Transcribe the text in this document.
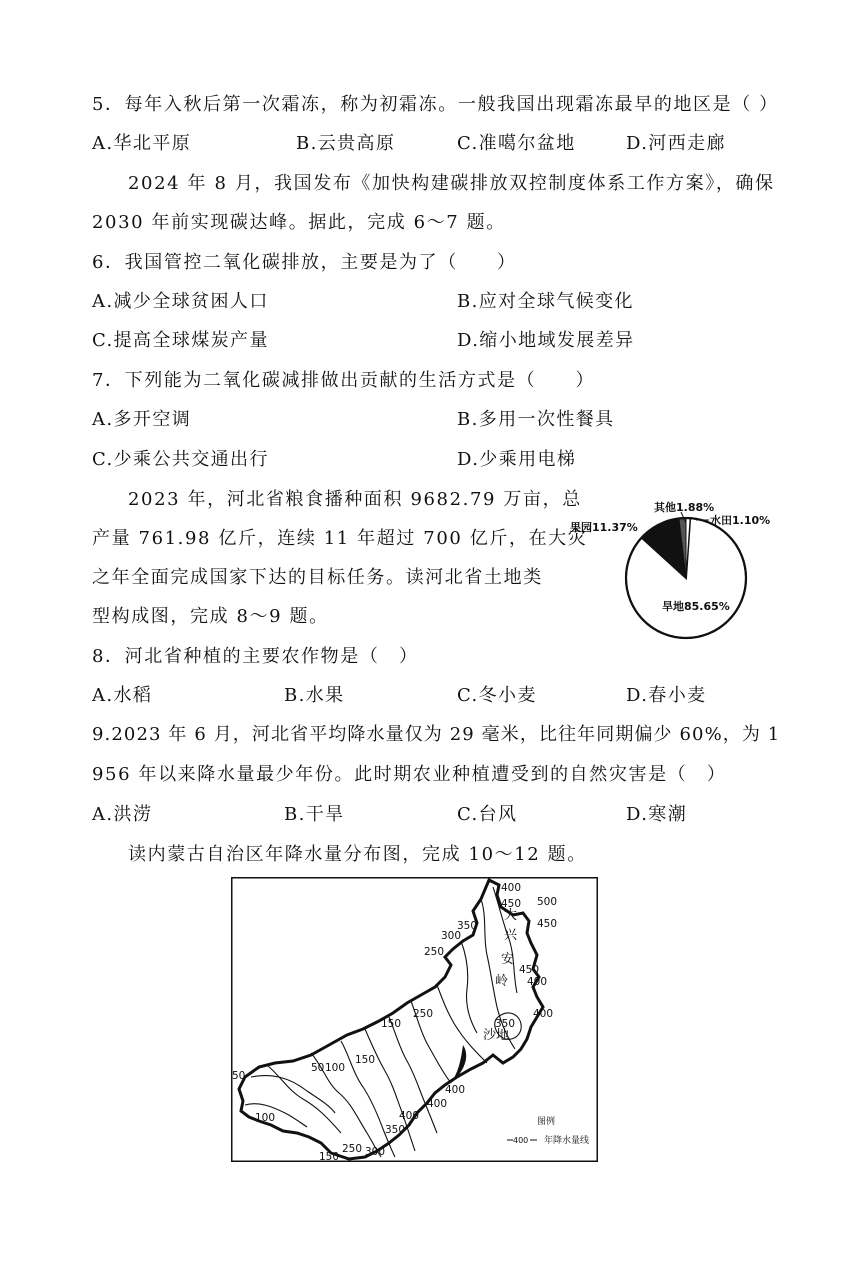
5．每年入秋后第一次霜冻，称为初霜冻。一般我国出现霜冻最早的地区是（ ）
A.华北平原	B.云贵高原	C.准噶尔盆地	D.河西走廊
2024 年 8 月，我国发布《加快构建碳排放双控制度体系工作方案》，确保
2030 年前实现碳达峰。据此，完成 6～7 题。
6．我国管控二氧化碳排放，主要是为了（　　）
A.减少全球贫困人口	B.应对全球气候变化
C.提高全球煤炭产量	D.缩小地域发展差异
7．下列能为二氧化碳减排做出贡献的生活方式是（　　）
A.多开空调	B.多用一次性餐具
C.少乘公共交通出行	D.少乘用电梯
2023 年，河北省粮食播种面积 9682.79 万亩，总
产量 761.98 亿斤，连续 11 年超过 700 亿斤，在大灾
之年全面完成国家下达的目标任务。读河北省土地类
型构成图，完成 8～9 题。
其他1.88%
水田1.10%
果园11.37%
旱地85.65%
8．河北省种植的主要农作物是（　）
A.水稻	B.水果	C.冬小麦	D.春小麦
9.2023 年 6 月，河北省平均降水量仅为 29 毫米，比往年同期偏少 60%，为 1
956 年以来降水量最少年份。此时期农业种植遭受到的自然灾害是（　）
A.洪涝	B.干旱	C.台风	D.寒潮
读内蒙古自治区年降水量分布图，完成 10～12 题。
大
兴
安
岭
沙地
400
450 500
450
350
300
250
450
400
400
250
150	350
150
50 100
50
100
400
400
400
350
150
250 300
图例
400 年降水量线
